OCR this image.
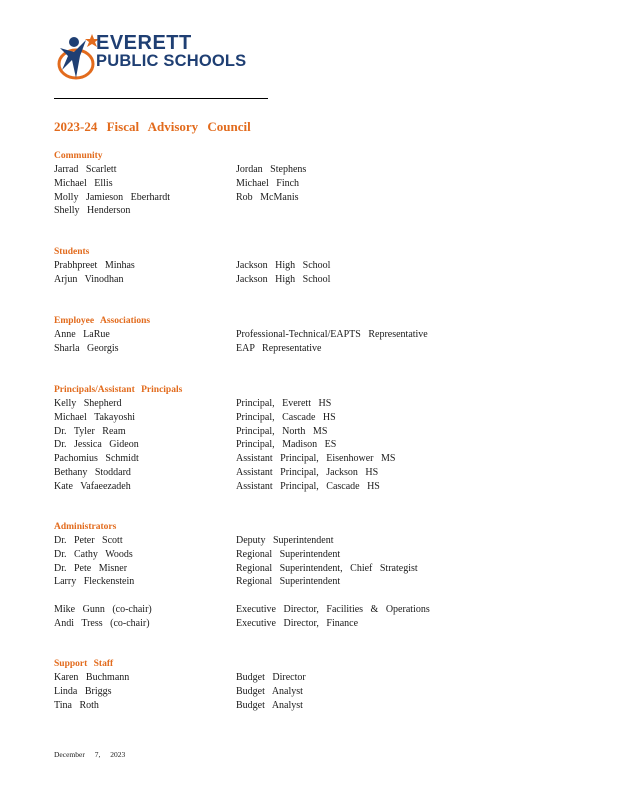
EVERETT
PUBLIC SCHOOLS
2023-24 Fiscal Advisory Council
Community
Jarrad Scarlett	Jordan Stephens
Michael Ellis	Michael Finch
Molly Jamieson Eberhardt	Rob McManis
Shelly Henderson
Students
Prabhpreet Minhas	Jackson High School
Arjun Vinodhan	Jackson High School
Employee Associations
Anne LaRue	Professional-Technical/EAPTS Representative
Sharla Georgis	EAP Representative
Principals/Assistant Principals
Kelly Shepherd	Principal, Everett HS
Michael Takayoshi	Principal, Cascade HS
Dr. Tyler Ream	Principal, North MS
Dr. Jessica Gideon	Principal, Madison ES
Pachomius Schmidt	Assistant Principal, Eisenhower MS
Bethany Stoddard	Assistant Principal, Jackson HS
Kate Vafaeezadeh	Assistant Principal, Cascade HS
Administrators
Dr. Peter Scott	Deputy Superintendent
Dr. Cathy Woods	Regional Superintendent
Dr. Pete Misner	Regional Superintendent, Chief Strategist
Larry Fleckenstein	Regional Superintendent
Mike Gunn (co-chair)	Executive Director, Facilities & Operations
Andi Tress (co-chair)	Executive Director, Finance
Support Staff
Karen Buchmann	Budget Director
Linda Briggs	Budget Analyst
Tina Roth	Budget Analyst
December 7, 2023
